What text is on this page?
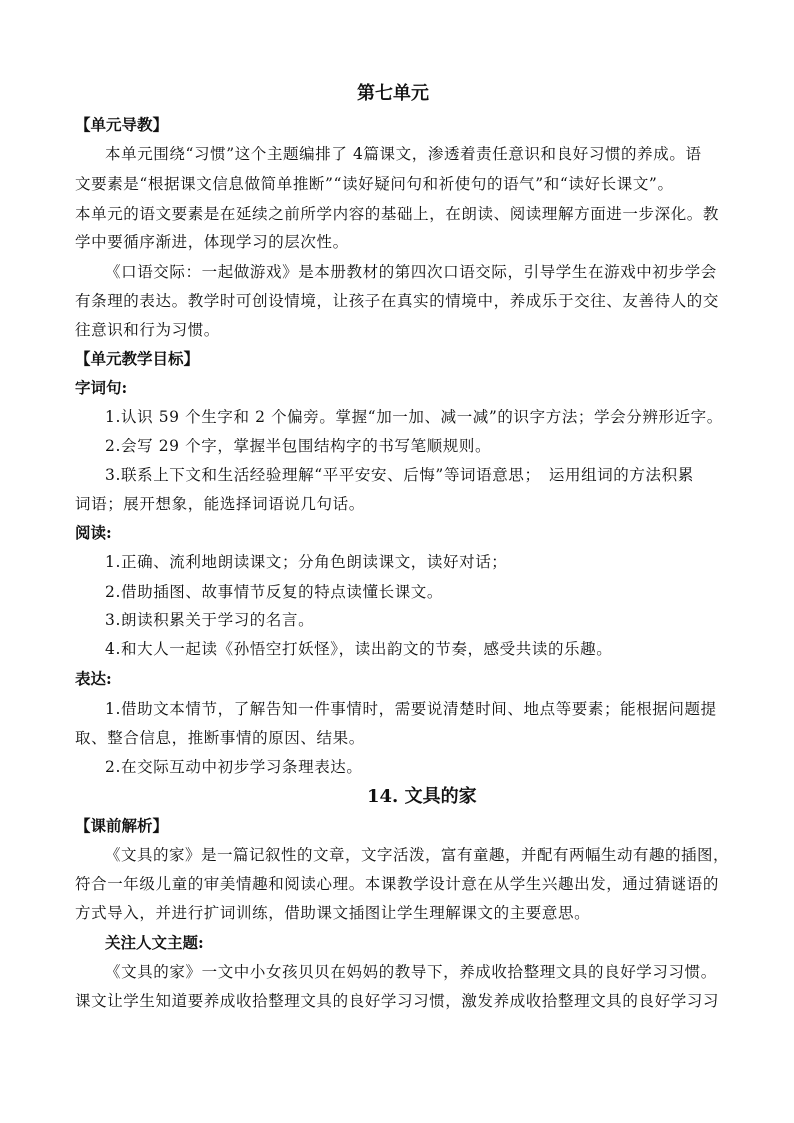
第七单元
【单元导教】
本单元围绕“习惯”这个主题编排了 4篇课文，渗透着责任意识和良好习惯的养成。语
文要素是“根据课文信息做简单推断”“读好疑问句和祈使句的语气”和“读好长课文”。
本单元的语文要素是在延续之前所学内容的基础上，在朗读、阅读理解方面进一步深化。教
学中要循序渐进，体现学习的层次性。
《口语交际：一起做游戏》是本册教材的第四次口语交际，引导学生在游戏中初步学会
有条理的表达。教学时可创设情境，让孩子在真实的情境中，养成乐于交往、友善待人的交
往意识和行为习惯。
【单元教学目标】
字词句:
1.认识 59 个生字和 2 个偏旁。掌握“加一加、减一减”的识字方法；学会分辨形近字。
2.会写 29 个字，掌握半包围结构字的书写笔顺规则。
3.联系上下文和生活经验理解“平平安安、后悔”等词语意思；　运用组词的方法积累
词语；展开想象，能选择词语说几句话。
阅读:
1.正确、流利地朗读课文；分角色朗读课文，读好对话；
2.借助插图、故事情节反复的特点读懂长课文。
3.朗读积累关于学习的名言。
4.和大人一起读《孙悟空打妖怪》，读出韵文的节奏，感受共读的乐趣。
表达:
1.借助文本情节，了解告知一件事情时，需要说清楚时间、地点等要素；能根据问题提
取、整合信息，推断事情的原因、结果。
2.在交际互动中初步学习条理表达。
14. 文具的家
【课前解析】
《文具的家》是一篇记叙性的文章，文字活泼，富有童趣，并配有两幅生动有趣的插图，
符合一年级儿童的审美情趣和阅读心理。本课教学设计意在从学生兴趣出发，通过猜谜语的
方式导入，并进行扩词训练，借助课文插图让学生理解课文的主要意思。
关注人文主题:
《文具的家》一文中小女孩贝贝在妈妈的教导下，养成收拾整理文具的良好学习习惯。
课文让学生知道要养成收拾整理文具的良好学习习惯，激发养成收拾整理文具的良好学习习
